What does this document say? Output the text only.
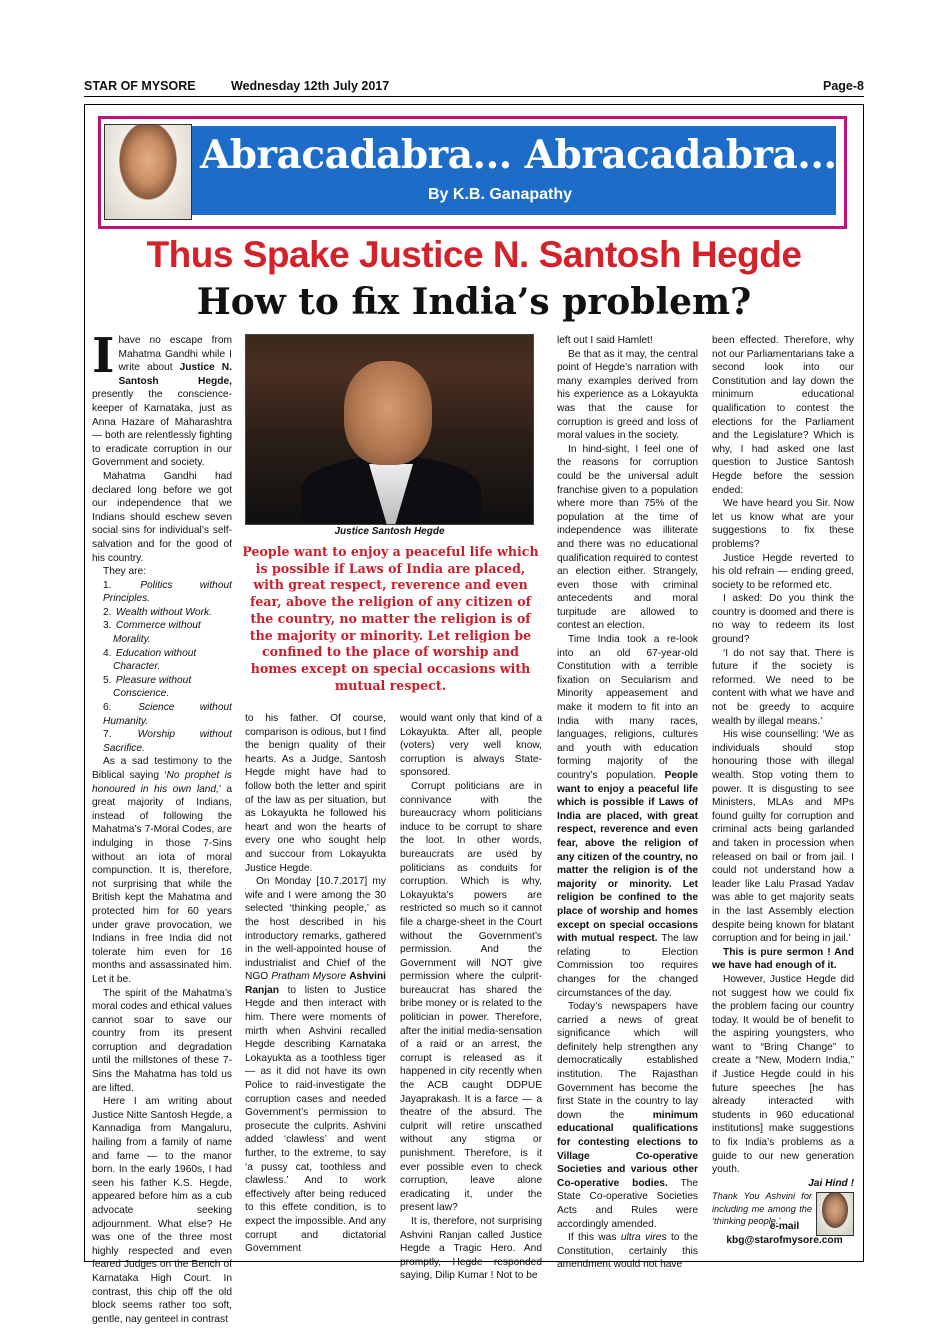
STAR OF MYSORE	Wednesday 12th July 2017	Page-8
Abracadabra... Abracadabra...
By K.B. Ganapathy
Thus Spake Justice N. Santosh Hegde
How to fix India’s problem?

Ihave no escape from Mahatma Gandhi while I write about Justice N. Santosh Hegde, presently the conscience-keeper of Karnataka, just as Anna Hazare of Maharashtra — both are relentlessly fighting to eradicate corruption in our Government and society.

Mahatma Gandhi had declared long before we got our independence that we Indians should eschew seven social sins for individual’s self-salvation and for the good of his country.

They are:

1.	Politics without Principles.
2. Wealth without Work.
3. Commerce without
Morality.
4. Education without
Character.
5. Pleasure without
Conscience.
6.	Science without Humanity.
7.	Worship without Sacrifice.

As a sad testimony to the Biblical saying ‘No prophet is honoured in his own land,’ a great majority of Indians, instead of following the Mahatma’s 7-Moral Codes, are indulging in those 7-Sins without an iota of moral compunction. It is, therefore, not surprising that while the British kept the Mahatma and protected him for 60 years under grave provocation, we Indians in free India did not tolerate him even for 16 months and assassinated him. Let it be.

The spirit of the Mahatma’s moral codes and ethical values cannot soar to save our country from its present corruption and degradation until the millstones of these 7-Sins the Mahatma has told us are lifted.

Here I am writing about Justice Nitte Santosh Hegde, a Kannadiga from Mangaluru, hailing from a family of name and fame — to the manor born. In the early 1960s, I had seen his father K.S. Hegde, appeared before him as a cub advocate seeking adjournment. What else? He was one of the three most highly respected and even feared Judges on the Bench of Karnataka High Court. In contrast, this chip off the old block seems rather too soft, gentle, nay genteel in contrast

Justice Santosh Hegde
People want to enjoy a peaceful life which is possible if Laws of India are placed, with great respect, reverence and even fear, above the religion of any citizen of the country, no matter the religion is of the majority or minority. Let religion be confined to the place of worship and homes except on special occasions with mutual respect.

to his father. Of course, comparison is odious, but I find the benign quality of their hearts. As a Judge, Santosh Hegde might have had to follow both the letter and spirit of the law as per situation, but as Lokayukta he followed his heart and won the hearts of every one who sought help and succour from Lokayukta Justice Hegde.

On Monday [10.7.2017] my wife and I were among the 30 selected ‘thinking people,’ as the host described in his introductory remarks, gathered in the well-appointed house of industrialist and Chief of the NGO Pratham Mysore Ashvini Ranjan to listen to Justice Hegde and then interact with him. There were moments of mirth when Ashvini recalled Hegde describing Karnataka Lokayukta as a toothless tiger — as it did not have its own Police to raid-investigate the corruption cases and needed Government’s permission to prosecute the culprits. Ashvini added ‘clawless’ and went further, to the extreme, to say ‘a pussy cat, toothless and clawless.’ And to work effectively after being reduced to this effete condition, is to expect the impossible. And any corrupt and dictatorial Government

would want only that kind of a Lokayukta. After all, people (voters) very well know, corruption is always State-sponsored.

Corrupt politicians are in connivance with the bureaucracy whom politicians induce to be corrupt to share the loot. In other words, bureaucrats are used by politicians as conduits for corruption. Which is why, Lokayukta’s powers are restricted so much so it cannot file a charge-sheet in the Court without the Government’s permission. And the Government will NOT give permission where the culprit-bureaucrat has shared the bribe money or is related to the politician in power. Therefore, after the initial media-sensation of a raid or an arrest, the corrupt is released as it happened in city recently when the ACB caught DDPUE Jayaprakash. It is a farce — a theatre of the absurd. The culprit will retire unscathed without any stigma or punishment. Therefore, is it ever possible even to check corruption, leave alone eradicating it, under the present law?

It is, therefore, not surprising Ashvini Ranjan called Justice Hegde a Tragic Hero. And promptly, Hegde responded saying, Dilip Kumar ! Not to be

left out I said Hamlet!

Be that as it may, the central point of Hegde’s narration with many examples derived from his experience as a Lokayukta was that the cause for corruption is greed and loss of moral values in the society.

In hind-sight, I feel one of the reasons for corruption could be the universal adult franchise given to a population where more than 75% of the population at the time of independence was illiterate and there was no educational qualification required to contest an election either. Strangely, even those with criminal antecedents and moral turpitude are allowed to contest an election.

Time India took a re-look into an old 67-year-old Constitution with a terrible fixation on Secularism and Minority appeasement and make it modern to fit into an India with many races, languages, religions, cultures and youth with education forming majority of the country’s population. People want to enjoy a peaceful life which is possible if Laws of India are placed, with great respect, reverence and even fear, above the religion of any citizen of the country, no matter the religion is of the majority or minority. Let religion be confined to the place of worship and homes except on special occasions with mutual respect. The law relating to Election Commission too requires changes for the changed circumstances of the day.

Today’s newspapers have carried a news of great significance which will definitely help strengthen any democratically established institution. The Rajasthan Government has become the first State in the country to lay down the minimum educational qualifications for contesting elections to Village Co-operative Societies and various other Co-operative bodies. The State Co-operative Societies Acts and Rules were accordingly amended.

If this was ultra vires to the Constitution, certainly this amendment would not have

been effected. Therefore, why not our Parliamentarians take a second look into our Constitution and lay down the minimum educational qualification to contest the elections for the Parliament and the Legislature? Which is why, I had asked one last question to Justice Santosh Hegde before the session ended:

We have heard you Sir. Now let us know what are your suggestions to fix these problems?

Justice Hegde reverted to his old refrain — ending greed, society to be reformed etc.

I asked: Do you think the country is doomed and there is no way to redeem its lost ground?

‘I do not say that. There is future if the society is reformed. We need to be content with what we have and not be greedy to acquire wealth by illegal means.’

His wise counselling: ‘We as individuals should stop honouring those with illegal wealth. Stop voting them to power. It is disgusting to see Ministers, MLAs and MPs found guilty for corruption and criminal acts being garlanded and taken in procession when released on bail or from jail. I could not understand how a leader like Lalu Prasad Yadav was able to get majority seats in the last Assembly election despite being known for blatant corruption and for being in jail.’

This is pure sermon ! And we have had enough of it.

However, Justice Hegde did not suggest how we could fix the problem facing our country today. It would be of benefit to the aspiring youngsters, who want to “Bring Change” to create a “New, Modern India,” if Justice Hegde could in his future speeches [he has already interacted with students in 960 educational institutions] make suggestions to fix India’s problems as a guide to our new generation youth.

Jai Hind !

Thank You Ashvini for including me among the ‘thinking people.’

e-mail
kbg@starofmysore.com
